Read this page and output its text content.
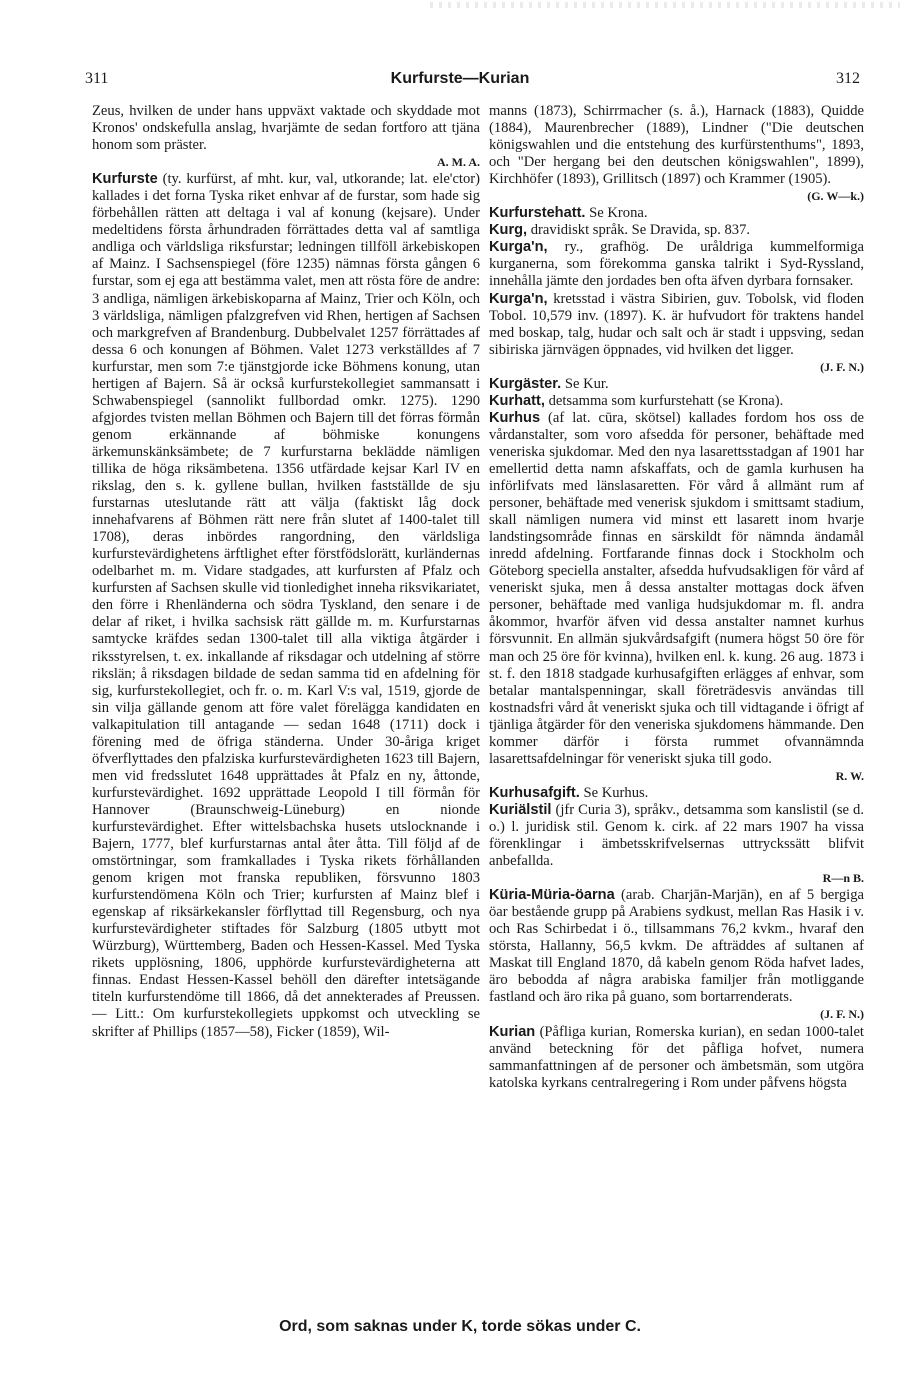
311	Kurfurste—Kurian	312

Zeus, hvilken de under hans uppväxt vaktade och skyddade mot Kronos' ondskefulla anslag, hvarjämte de sedan fortforo att tjäna honom som präster.
A. M. A.

Kurfurste (ty. kurfürst, af mht. kur, val, utkorande; lat. ele'ctor) kallades i det forna Tyska riket enhvar af de furstar, som hade sig förbehållen rätten att deltaga i val af konung (kejsare). Under medeltidens första århundraden förrättades detta val af samtliga andliga och världsliga riksfurstar; ledningen tillföll ärkebiskopen af Mainz. I Sachsenspiegel (före 1235) nämnas första gången 6 furstar, som ej ega att bestämma valet, men att rösta före de andre: 3 andliga, nämligen ärkebiskoparna af Mainz, Trier och Köln, och 3 världsliga, nämligen pfalzgrefven vid Rhen, hertigen af Sachsen och markgrefven af Brandenburg. Dubbelvalet 1257 förrättades af dessa 6 och konungen af Böhmen. Valet 1273 verkställdes af 7 kurfurstar, men som 7:e tjänstgjorde icke Böhmens konung, utan hertigen af Bajern. Så är också kurfurstekollegiet sammansatt i Schwabenspiegel (sannolikt fullbordad omkr. 1275). 1290 afgjordes tvisten mellan Böhmen och Bajern till det förras förmån genom erkännande af böhmiske konungens ärkemunskänksämbete; de 7 kurfurstarna beklädde nämligen tillika de höga riksämbetena. 1356 utfärdade kejsar Karl IV en rikslag, den s. k. gyllene bullan, hvilken fastställde de sju furstarnas uteslutande rätt att välja (faktiskt låg dock innehafvarens af Böhmen rätt nere från slutet af 1400-talet till 1708), deras inbördes rangordning, den världsliga kurfurstevärdighetens ärftlighet efter förstfödslorätt, kurländernas odelbarhet m. m. Vidare stadgades, att kurfursten af Pfalz och kurfursten af Sachsen skulle vid tionledighet inneha riksvikariatet, den förre i Rhenländerna och södra Tyskland, den senare i de delar af riket, i hvilka sachsisk rätt gällde m. m. Kurfurstarnas samtycke kräfdes sedan 1300-talet till alla viktiga åtgärder i riksstyrelsen, t. ex. inkallande af riksdagar och utdelning af större rikslän; å riksdagen bildade de sedan samma tid en afdelning för sig, kurfurstekollegiet, och fr. o. m. Karl V:s val, 1519, gjorde de sin vilja gällande genom att före valet förelägga kandidaten en valkapitulation till antagande — sedan 1648 (1711) dock i förening med de öfriga ständerna. Under 30-åriga kriget öfverflyttades den pfalziska kurfurstevärdigheten 1623 till Bajern, men vid fredsslutet 1648 upprättades åt Pfalz en ny, åttonde, kurfurstevärdighet. 1692 upprättade Leopold I till förmån för Hannover (Braunschweig-Lüneburg) en nionde kurfurstevärdighet. Efter wittelsbachska husets utslocknande i Bajern, 1777, blef kurfurstarnas antal åter åtta. Till följd af de omstörtningar, som framkallades i Tyska rikets förhållanden genom krigen mot franska republiken, försvunno 1803 kurfurstendömena Köln och Trier; kurfursten af Mainz blef i egenskap af riksärkekansler förflyttad till Regensburg, och nya kurfurstevärdigheter stiftades för Salzburg (1805 utbytt mot Würzburg), Württemberg, Baden och Hessen-Kassel. Med Tyska rikets upplösning, 1806, upphörde kurfurstevärdigheterna att finnas. Endast Hessen-Kassel behöll den därefter intetsägande titeln kurfurstendöme till 1866, då det annekterades af Preussen. — Litt.: Om kurfurstekollegiets uppkomst och utveckling se skrifter af Phillips (1857—58), Ficker (1859), Wil-

manns (1873), Schirrmacher (s. å.), Harnack (1883), Quidde (1884), Maurenbrecher (1889), Lindner ("Die deutschen königswahlen und die entstehung des kurfürstenthums", 1893, och "Der hergang bei den deutschen königswahlen", 1899), Kirchhöfer (1893), Grillitsch (1897) och Krammer (1905).
(G. W—k.)

Kurfurstehatt. Se Krona.

Kurg, dravidiskt språk. Se Dravida, sp. 837.

Kurga'n, ry., grafhög. De uråldriga kummelformiga kurganerna, som förekomma ganska talrikt i Syd-Ryssland, innehålla jämte den jordades ben ofta äfven dyrbara fornsaker.

Kurga'n, kretsstad i västra Sibirien, guv. Tobolsk, vid floden Tobol. 10,579 inv. (1897). K. är hufvudort för traktens handel med boskap, talg, hudar och salt och är stadt i uppsving, sedan sibiriska järnvägen öppnades, vid hvilken det ligger.
(J. F. N.)

Kurgäster. Se Kur.

Kurhatt, detsamma som kurfurstehatt (se Krona).

Kurhus (af lat. cūra, skötsel) kallades fordom hos oss de vårdanstalter, som voro afsedda för personer, behäftade med veneriska sjukdomar. Med den nya lasarettsstadgan af 1901 har emellertid detta namn afskaffats, och de gamla kurhusen ha införlifvats med länslasaretten. För vård å allmänt rum af personer, behäftade med venerisk sjukdom i smittsamt stadium, skall nämligen numera vid minst ett lasarett inom hvarje landstingsområde finnas en särskildt för nämnda ändamål inredd afdelning. Fortfarande finnas dock i Stockholm och Göteborg speciella anstalter, afsedda hufvudsakligen för vård af veneriskt sjuka, men å dessa anstalter mottagas dock äfven personer, behäftade med vanliga hudsjukdomar m. fl. andra åkommor, hvarför äfven vid dessa anstalter namnet kurhus försvunnit. En allmän sjukvårdsafgift (numera högst 50 öre för man och 25 öre för kvinna), hvilken enl. k. kung. 26 aug. 1873 i st. f. den 1818 stadgade kurhusafgiften erlägges af enhvar, som betalar mantalspenningar, skall företrädesvis användas till kostnadsfri vård åt veneriskt sjuka och till vidtagande i öfrigt af tjänliga åtgärder för den veneriska sjukdomens hämmande. Den kommer därför i första rummet ofvannämnda lasarettsafdelningar för veneriskt sjuka till godo.
R. W.

Kurhusafgift. Se Kurhus.

Kuriälstil (jfr Curia 3), språkv., detsamma som kanslistil (se d. o.) l. juridisk stil. Genom k. cirk. af 22 mars 1907 ha vissa förenklingar i ämbetsskrifvelsernas uttryckssätt blifvit anbefallda.
R—n B.

Küria-Müria-öarna (arab. Charjān-Marjān), en af 5 bergiga öar bestående grupp på Arabiens sydkust, mellan Ras Hasik i v. och Ras Schirbedat i ö., tillsammans 76,2 kvkm., hvaraf den största, Hallanny, 56,5 kvkm. De afträddes af sultanen af Maskat till England 1870, då kabeln genom Röda hafvet lades, äro bebodda af några arabiska familjer från motliggande fastland och äro rika på guano, som bortarrenderats.
(J. F. N.)

Kurian (Påfliga kurian, Romerska kurian), en sedan 1000-talet använd beteckning för det påfliga hofvet, numera sammanfattningen af de personer och ämbetsmän, som utgöra katolska kyrkans centralregering i Rom under påfvens högsta

Ord, som saknas under K, torde sökas under C.
